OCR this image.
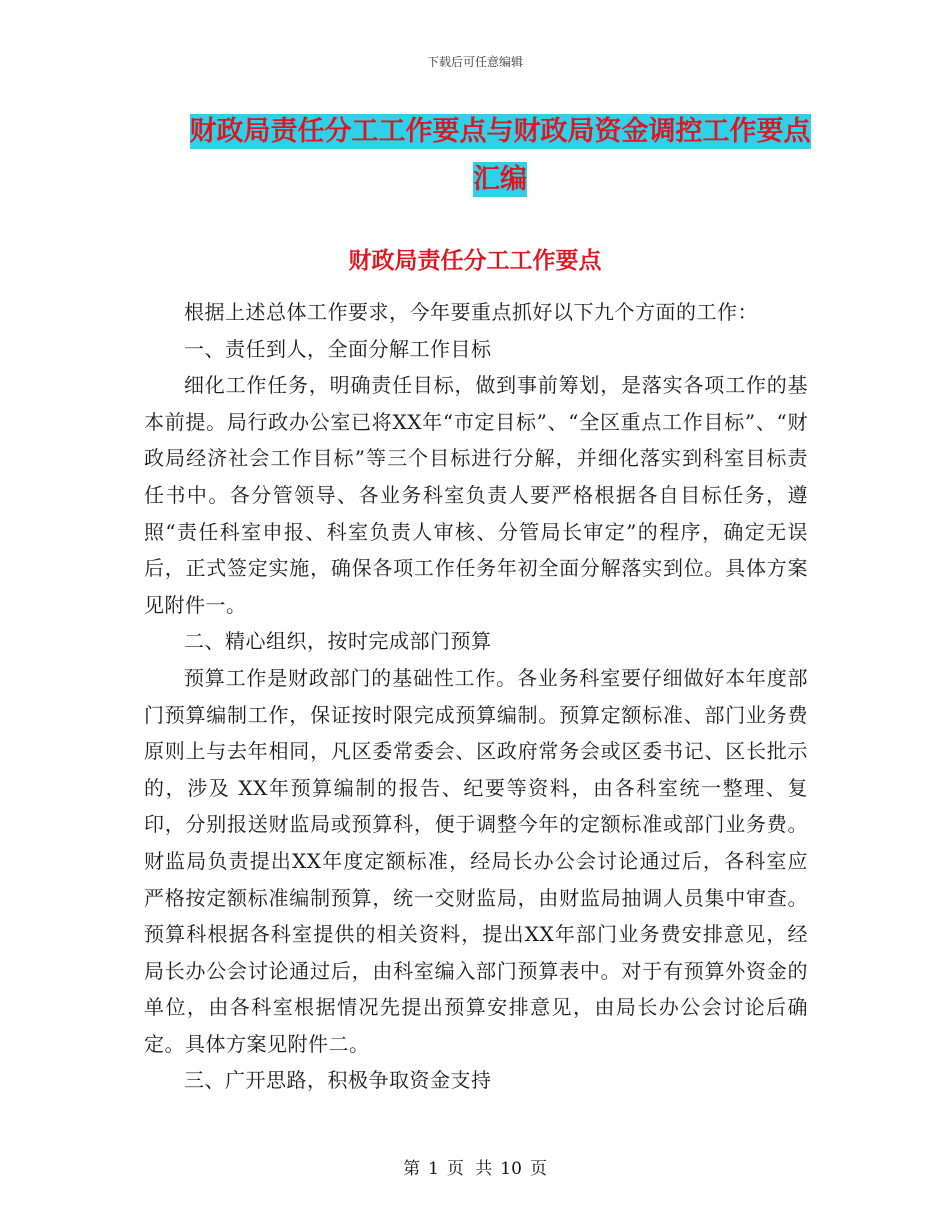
下载后可任意编辑
财政局责任分工工作要点与财政局资金调控工作要点
汇编
财政局责任分工工作要点

根据上述总体工作要求，今年要重点抓好以下九个方面的工作：

一、责任到人，全面分解工作目标

细化工作任务，明确责任目标，做到事前筹划，是落实各项工作的基本前提。局行政办公室已将XX年“市定目标”、“全区重点工作目标”、“财政局经济社会工作目标”等三个目标进行分解，并细化落实到科室目标责任书中。各分管领导、各业务科室负责人要严格根据各自目标任务，遵照“责任科室申报、科室负责人审核、分管局长审定”的程序，确定无误后，正式签定实施，确保各项工作任务年初全面分解落实到位。具体方案见附件一。

二、精心组织，按时完成部门预算

预算工作是财政部门的基础性工作。各业务科室要仔细做好本年度部门预算编制工作，保证按时限完成预算编制。预算定额标准、部门业务费原则上与去年相同，凡区委常委会、区政府常务会或区委书记、区长批示的，涉及 XX年预算编制的报告、纪要等资料，由各科室统一整理、复印，分别报送财监局或预算科，便于调整今年的定额标准或部门业务费。财监局负责提出XX年度定额标准，经局长办公会讨论通过后，各科室应严格按定额标准编制预算，统一交财监局，由财监局抽调人员集中审查。预算科根据各科室提供的相关资料，提出XX年部门业务费安排意见，经局长办公会讨论通过后，由科室编入部门预算表中。对于有预算外资金的单位，由各科室根据情况先提出预算安排意见，由局长办公会讨论后确定。具体方案见附件二。

三、广开思路，积极争取资金支持

第 1 页 共 10 页
